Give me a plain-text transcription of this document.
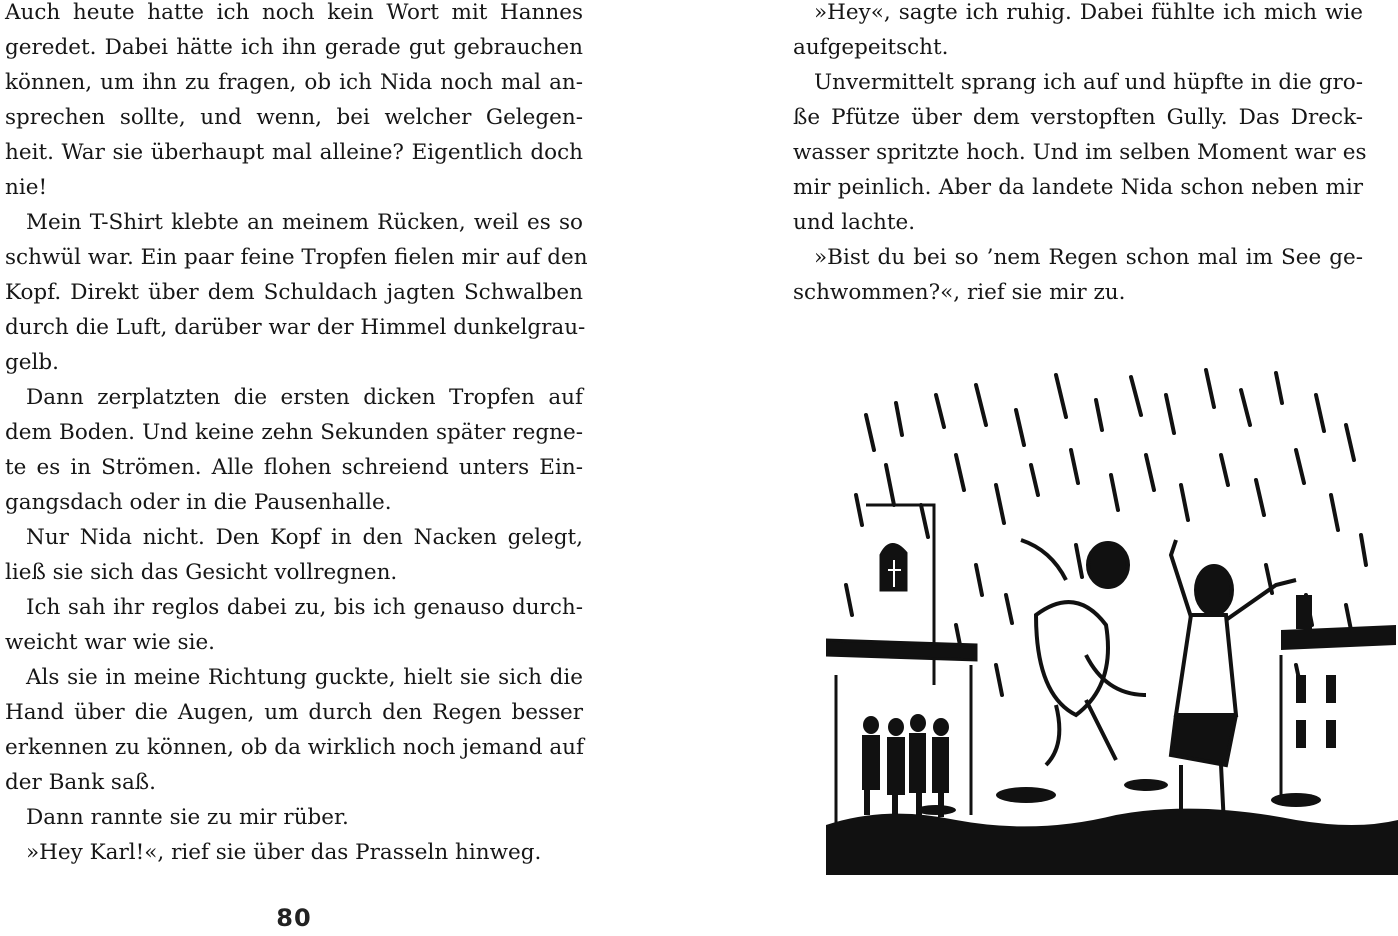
Auch heute hatte ich noch kein Wort mit Hannes
geredet. Dabei hätte ich ihn gerade gut gebrauchen
können, um ihn zu fragen, ob ich Nida noch mal an-
sprechen sollte, und wenn, bei welcher Gelegen-
heit. War sie überhaupt mal alleine? Eigentlich doch
nie!

Mein T-Shirt klebte an meinem Rücken, weil es so
schwül war. Ein paar feine Tropfen fielen mir auf den
Kopf. Direkt über dem Schuldach jagten Schwalben
durch die Luft, darüber war der Himmel dunkelgrau-
gelb.

Dann zerplatzten die ersten dicken Tropfen auf
dem Boden. Und keine zehn Sekunden später regne-
te es in Strömen. Alle flohen schreiend unters Ein-
gangsdach oder in die Pausenhalle.

Nur Nida nicht. Den Kopf in den Nacken gelegt,
ließ sie sich das Gesicht vollregnen.

Ich sah ihr reglos dabei zu, bis ich genauso durch-
weicht war wie sie.

Als sie in meine Richtung guckte, hielt sie sich die
Hand über die Augen, um durch den Regen besser
erkennen zu können, ob da wirklich noch jemand auf
der Bank saß.

Dann rannte sie zu mir rüber.

»Hey Karl!«, rief sie über das Prasseln hinweg.

80

»Hey«, sagte ich ruhig. Dabei fühlte ich mich wie
aufgepeitscht.

Unvermittelt sprang ich auf und hüpfte in die gro-
ße Pfütze über dem verstopften Gully. Das Dreck-
wasser spritzte hoch. Und im selben Moment war es
mir peinlich. Aber da landete Nida schon neben mir
und lachte.

»Bist du bei so ’nem Regen schon mal im See ge-
schwommen?«, rief sie mir zu.
